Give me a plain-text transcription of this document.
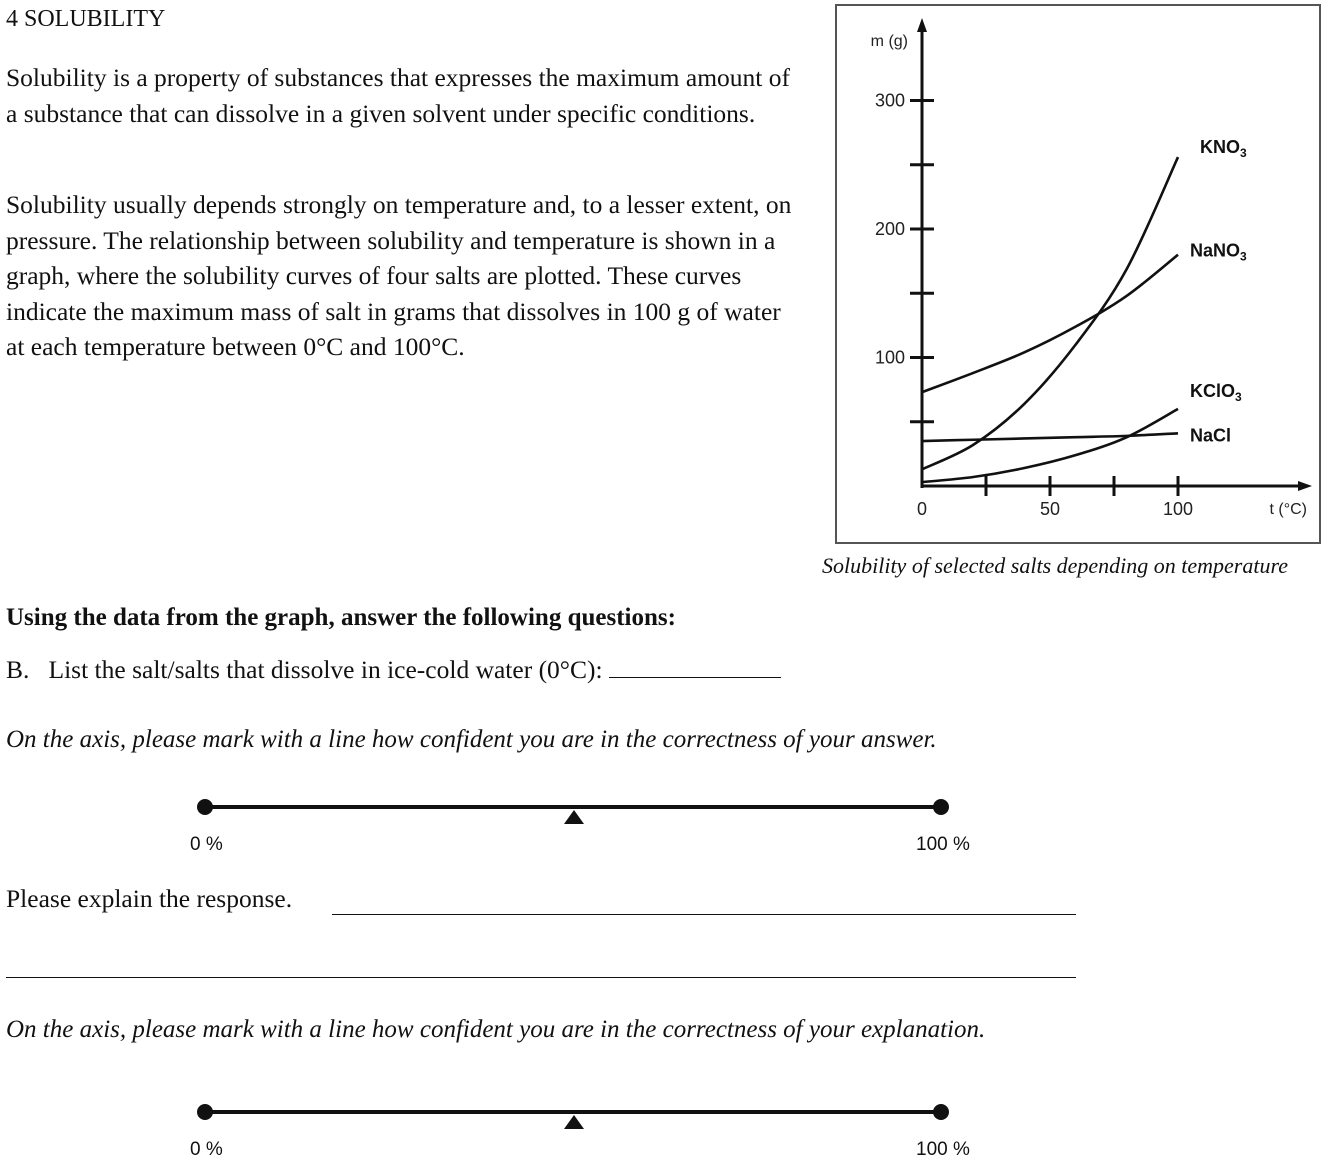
4 SOLUBILITY
Solubility is a property of substances that expresses the maximum amount of a substance that can dissolve in a given solvent under specific conditions.
Solubility usually depends strongly on temperature and, to a lesser extent, on pressure. The relationship between solubility and temperature is shown in a graph, where the solubility curves of four salts are plotted. These curves indicate the maximum mass of salt in grams that dissolves in 100 g of water at each temperature between 0°C and 100°C.	100
200
300
0	50	100
m (g)
t (°C)
$KNO_3$
NaNO$_3$
KClO$_3$
NaCl
Solubility of selected salts depending on temperature
Using the data from the graph, answer the following questions:
B. List the salt/salts that dissolve in ice-cold water (0°C):
On the axis, please mark with a line how confident you are in the correctness of your answer.
0 %	100 %
Please explain the response.
On the axis, please mark with a line how confident you are in the correctness of your explanation.
0 %	100 %
